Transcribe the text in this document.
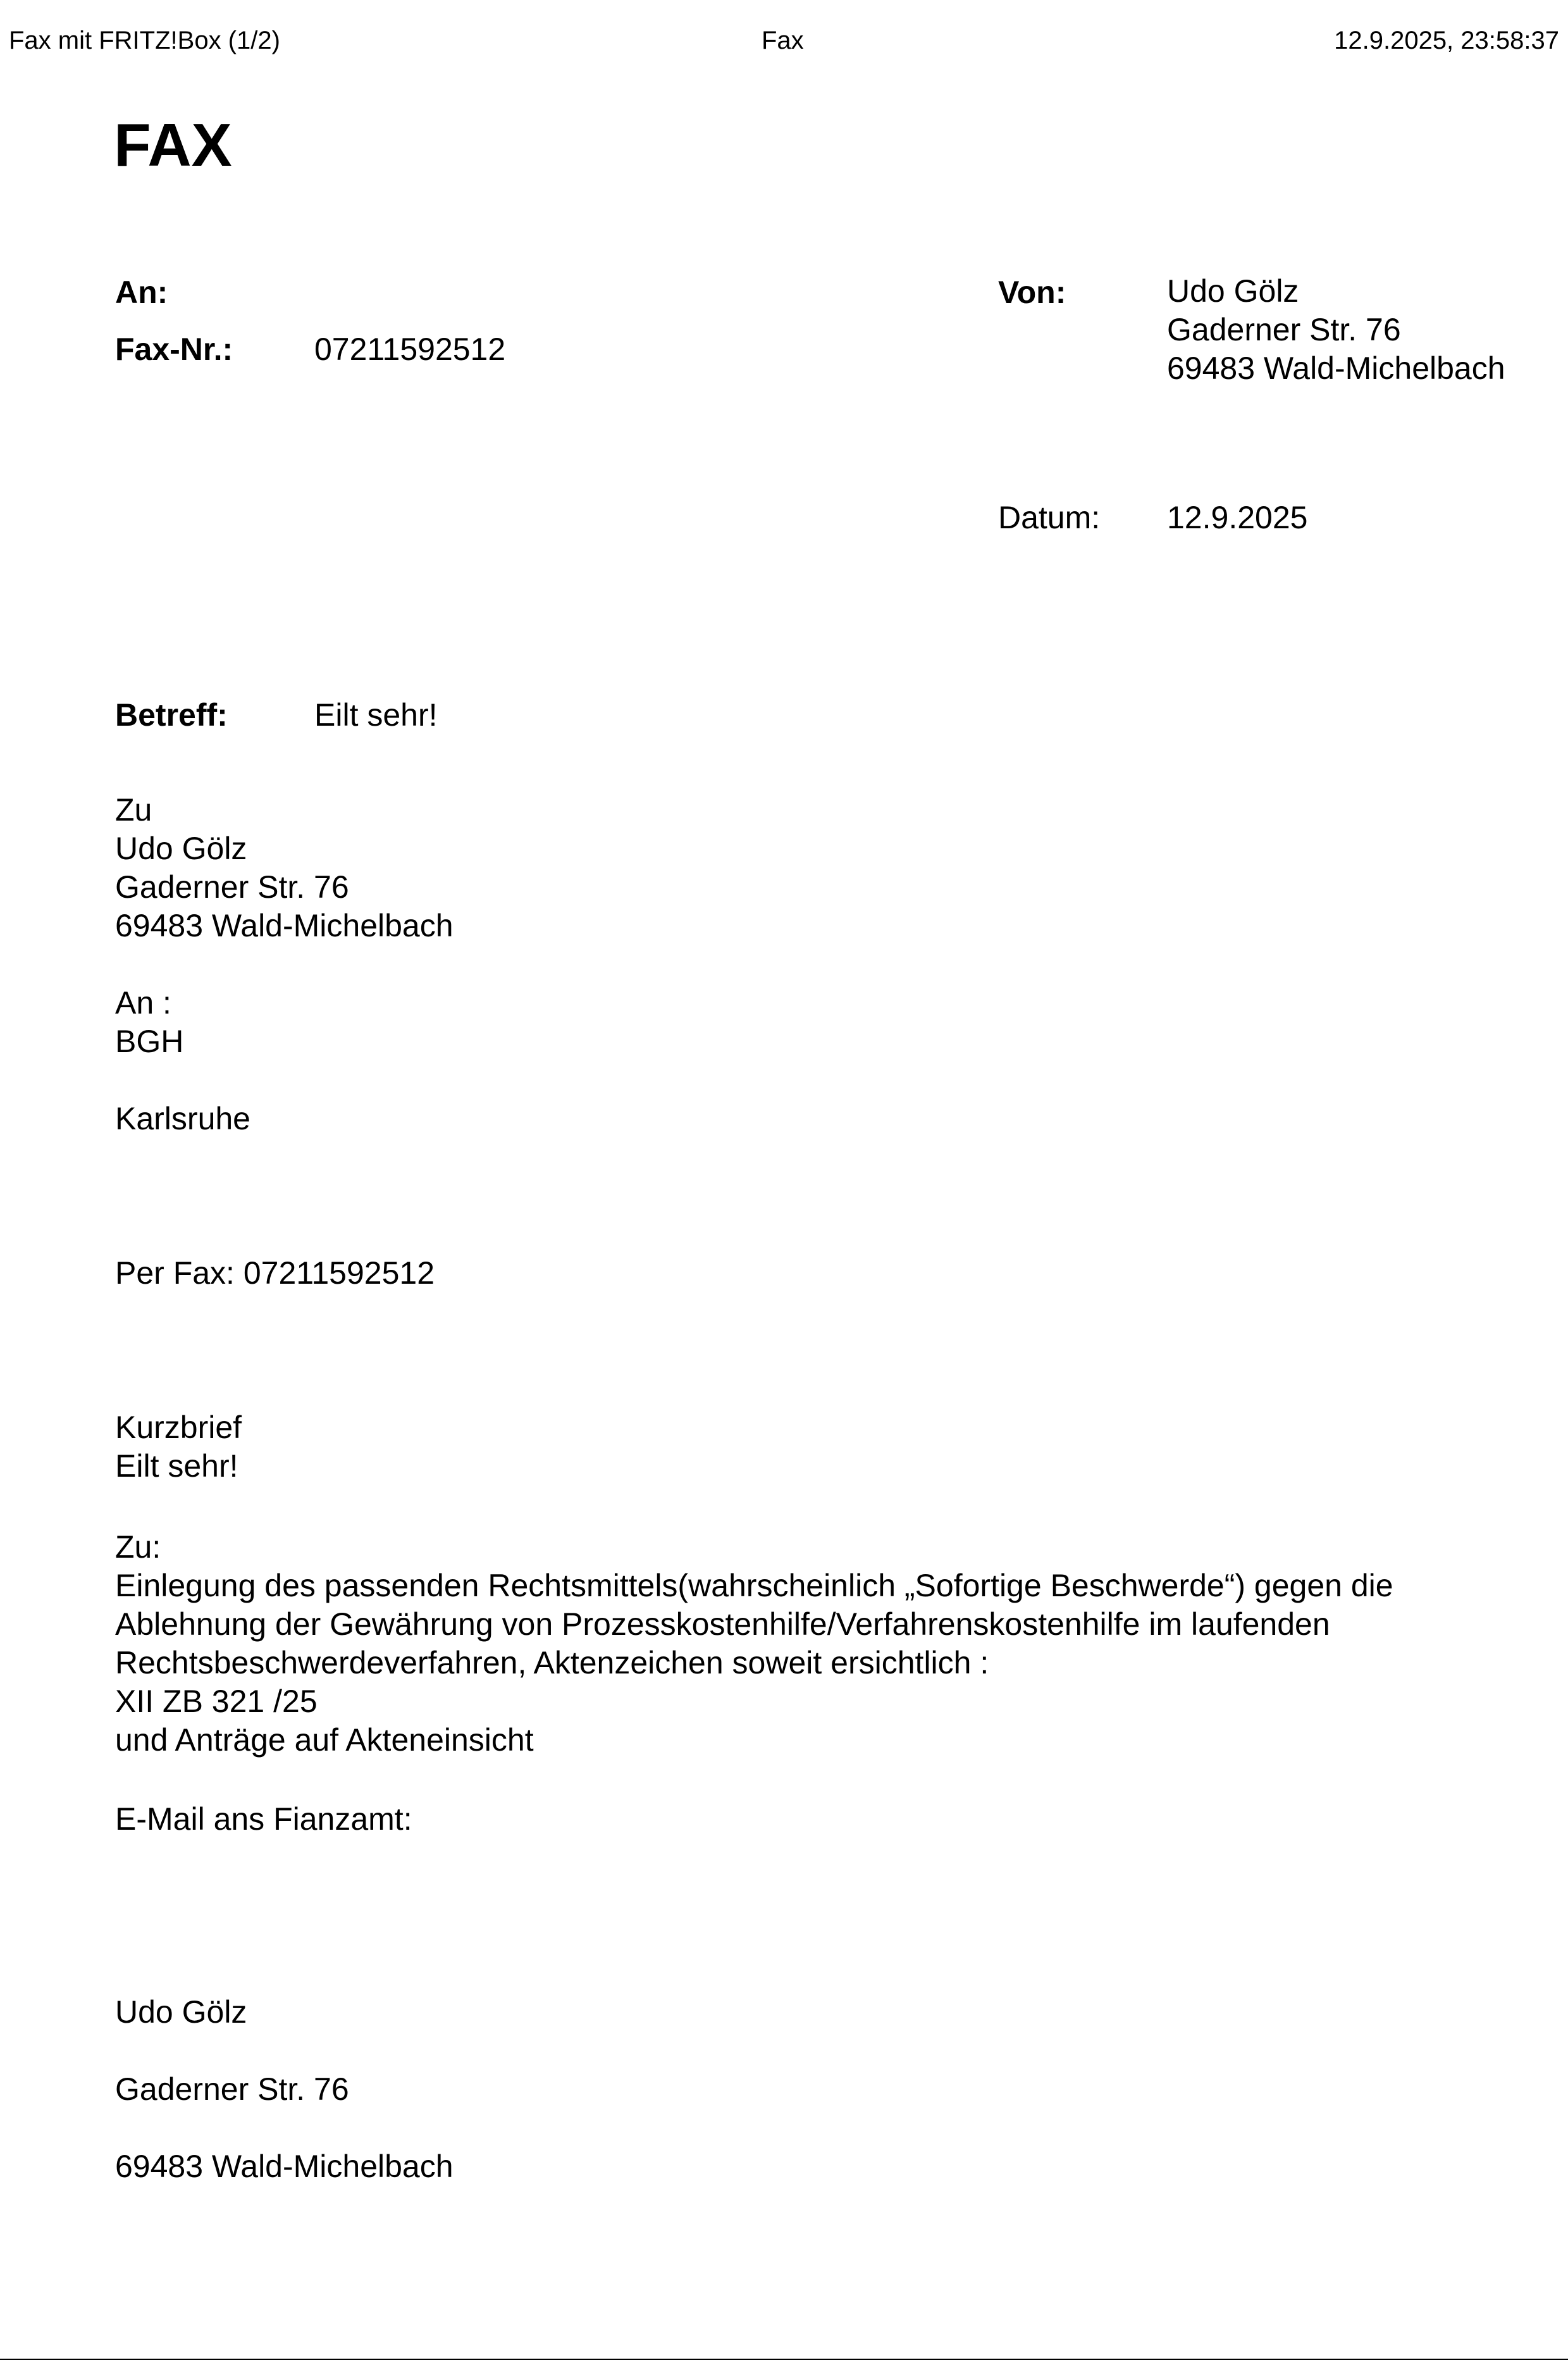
Fax mit FRITZ!Box (1/2)	Fax	12.9.2025, 23:58:37
FAX
An:
Fax-Nr.:	07211592512
Von:	Udo Gölz
Gaderner Str. 76
69483 Wald-Michelbach
Datum: 12.9.2025
Betreff:	Eilt sehr!
Zu
Udo Gölz
Gaderner Str. 76
69483 Wald-Michelbach
An :
BGH
Karlsruhe
Per Fax: 07211592512
Kurzbrief
Eilt sehr!
Zu:
Einlegung des passenden Rechtsmittels(wahrscheinlich „Sofortige Beschwerde“) gegen die
Ablehnung der Gewährung von Prozesskostenhilfe/Verfahrenskostenhilfe im laufenden
Rechtsbeschwerdeverfahren, Aktenzeichen soweit ersichtlich :
XII ZB 321 /25
und Anträge auf Akteneinsicht
E-Mail ans Fianzamt:
Udo Gölz
Gaderner Str. 76
69483 Wald-Michelbach
